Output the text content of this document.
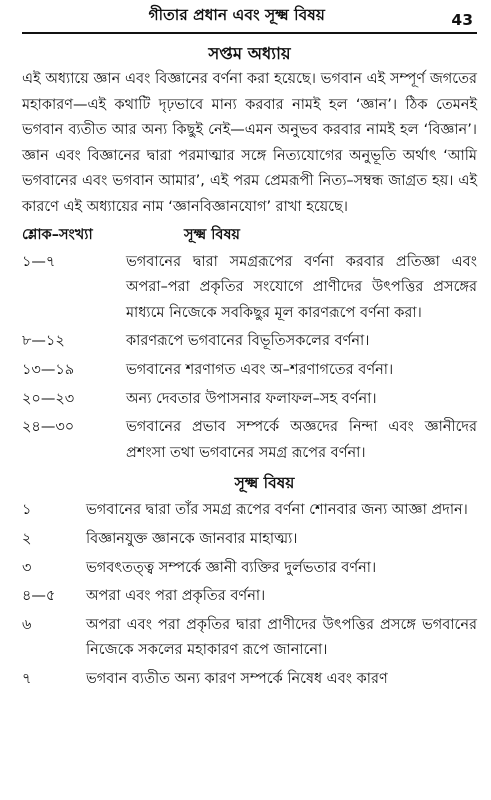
গীতার প্রধান এবং সূক্ষ্ম বিষয়	43
সপ্তম অধ্যায়
এই অধ্যায়ে জ্ঞান এবং বিজ্ঞানের বর্ণনা করা হয়েছে। ভগবান এই সম্পূর্ণ জগতের মহাকারণ—এই কথাটি দৃঢ়ভাবে মান্য করবার নামই হল ‘জ্ঞান’। ঠিক তেমনই ভগবান ব্যতীত আর অন্য কিছুই নেই—এমন অনুভব করবার নামই হল ‘বিজ্ঞান’। জ্ঞান এবং বিজ্ঞানের দ্বারা পরমাত্মার সঙ্গে নিত্যযোগের অনুভূতি অর্থাৎ ‘আমি ভগবানের এবং ভগবান আমার’, এই পরম প্রেমরূপী নিত্য–সম্বন্ধ জাগ্রত হয়। এই কারণে এই অধ্যায়ের নাম ‘জ্ঞানবিজ্ঞানযোগ’ রাখা হয়েছে।
শ্লোক–সংখ্যা	সূক্ষ্ম বিষয়
১—৭	ভগবানের দ্বারা সমগ্ররূপের বর্ণনা করবার প্রতিজ্ঞা এবং অপরা–পরা প্রকৃতির সংযোগে প্রাণীদের উৎপত্তির প্রসঙ্গের মাধ্যমে নিজেকে সবকিছুর মূল কারণরূপে বর্ণনা করা।
৮—১২	কারণরূপে ভগবানের বিভূতিসকলের বর্ণনা।
১৩—১৯	ভগবানের শরণাগত এবং অ–শরণাগতের বর্ণনা।
২০—২৩	অন্য দেবতার উপাসনার ফলাফল–সহ বর্ণনা।
২৪—৩০	ভগবানের প্রভাব সম্পর্কে অজ্ঞদের নিন্দা এবং জ্ঞানীদের প্রশংসা তথা ভগবানের সমগ্র রূপের বর্ণনা।
সূক্ষ্ম বিষয়
১	ভগবানের দ্বারা তাঁর সমগ্র রূপের বর্ণনা শোনবার জন্য আজ্ঞা প্রদান।
২	বিজ্ঞানযুক্ত জ্ঞানকে জানবার মাহাত্ম্য।
৩	ভগবৎতত্ত্ব সম্পর্কে জ্ঞানী ব্যক্তির দুর্লভতার বর্ণনা।
৪—৫	অপরা এবং পরা প্রকৃতির বর্ণনা।
৬	অপরা এবং পরা প্রকৃতির দ্বারা প্রাণীদের উৎপত্তির প্রসঙ্গে ভগবানের নিজেকে সকলের মহাকারণ রূপে জানানো।
৭	ভগবান ব্যতীত অন্য কারণ সম্পর্কে নিষেধ এবং কারণ
